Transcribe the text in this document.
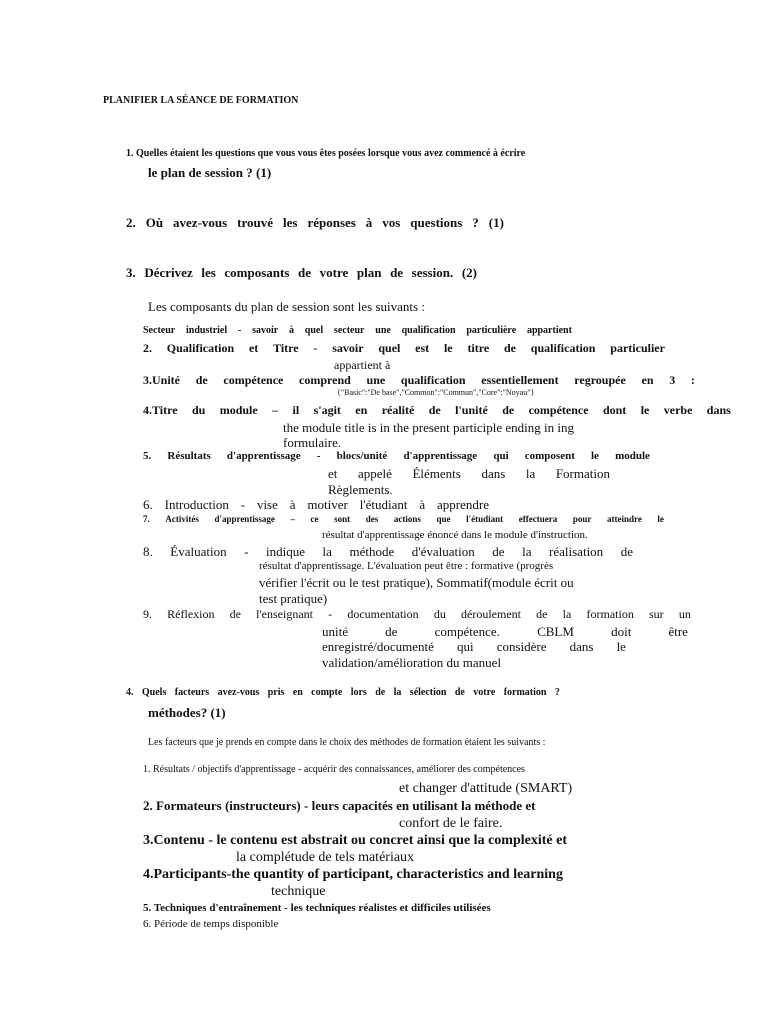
PLANIFIER LA SÉANCE DE FORMATION
1. Quelles étaient les questions que vous vous êtes posées lorsque vous avez commencé à écrire
le plan de session ? (1)
2. Où avez-vous trouvé les réponses à vos questions ? (1)
3. Décrivez les composants de votre plan de session. (2)
Les composants du plan de session sont les suivants :
Secteur industriel - savoir à quel secteur une qualification particulière appartient
2. Qualification et Titre - savoir quel est le titre de qualification particulier
appartient à
3.Unité de compétence comprend une qualification essentiellement regroupée en 3 :
{"Basic":"De base","Common":"Commun","Core":"Noyau"}
4.Titre du module – il s'agit en réalité de l'unité de compétence dont le verbe dans
the module title is in the present participle ending in ing
formulaire.
5. Résultats d'apprentissage - blocs/unité d'apprentissage qui composent le module
et appelé Éléments dans la Formation
Règlements.
6. Introduction - vise à motiver l'étudiant à apprendre
7. Activités d'apprentissage – ce sont des actions que l'étudiant effectuera pour atteindre le
résultat d'apprentissage énoncé dans le module d'instruction.
8. Évaluation - indique la méthode d'évaluation de la réalisation de
résultat d'apprentissage. L'évaluation peut être : formative (progrès
vérifier l'écrit ou le test pratique), Sommatif(module écrit ou
test pratique)
9. Réflexion de l'enseignant - documentation du déroulement de la formation sur un
unité	de	compétence.	CBLM	doit	être
enregistré/documenté qui considère dans le
validation/amélioration du manuel
4. Quels facteurs avez-vous pris en compte lors de la sélection de votre formation ?
méthodes? (1)
Les facteurs que je prends en compte dans le choix des méthodes de formation étaient les suivants :
1. Résultats / objectifs d'apprentissage - acquérir des connaissances, améliorer des compétences
et changer d'attitude (SMART)
2. Formateurs (instructeurs) - leurs capacités en utilisant la méthode et
confort de le faire.
3.Contenu - le contenu est abstrait ou concret ainsi que la complexité et
la complétude de tels matériaux
4.Participants-the quantity of participant, characteristics and learning
technique
5. Techniques d'entraînement - les techniques réalistes et difficiles utilisées
6. Période de temps disponible
